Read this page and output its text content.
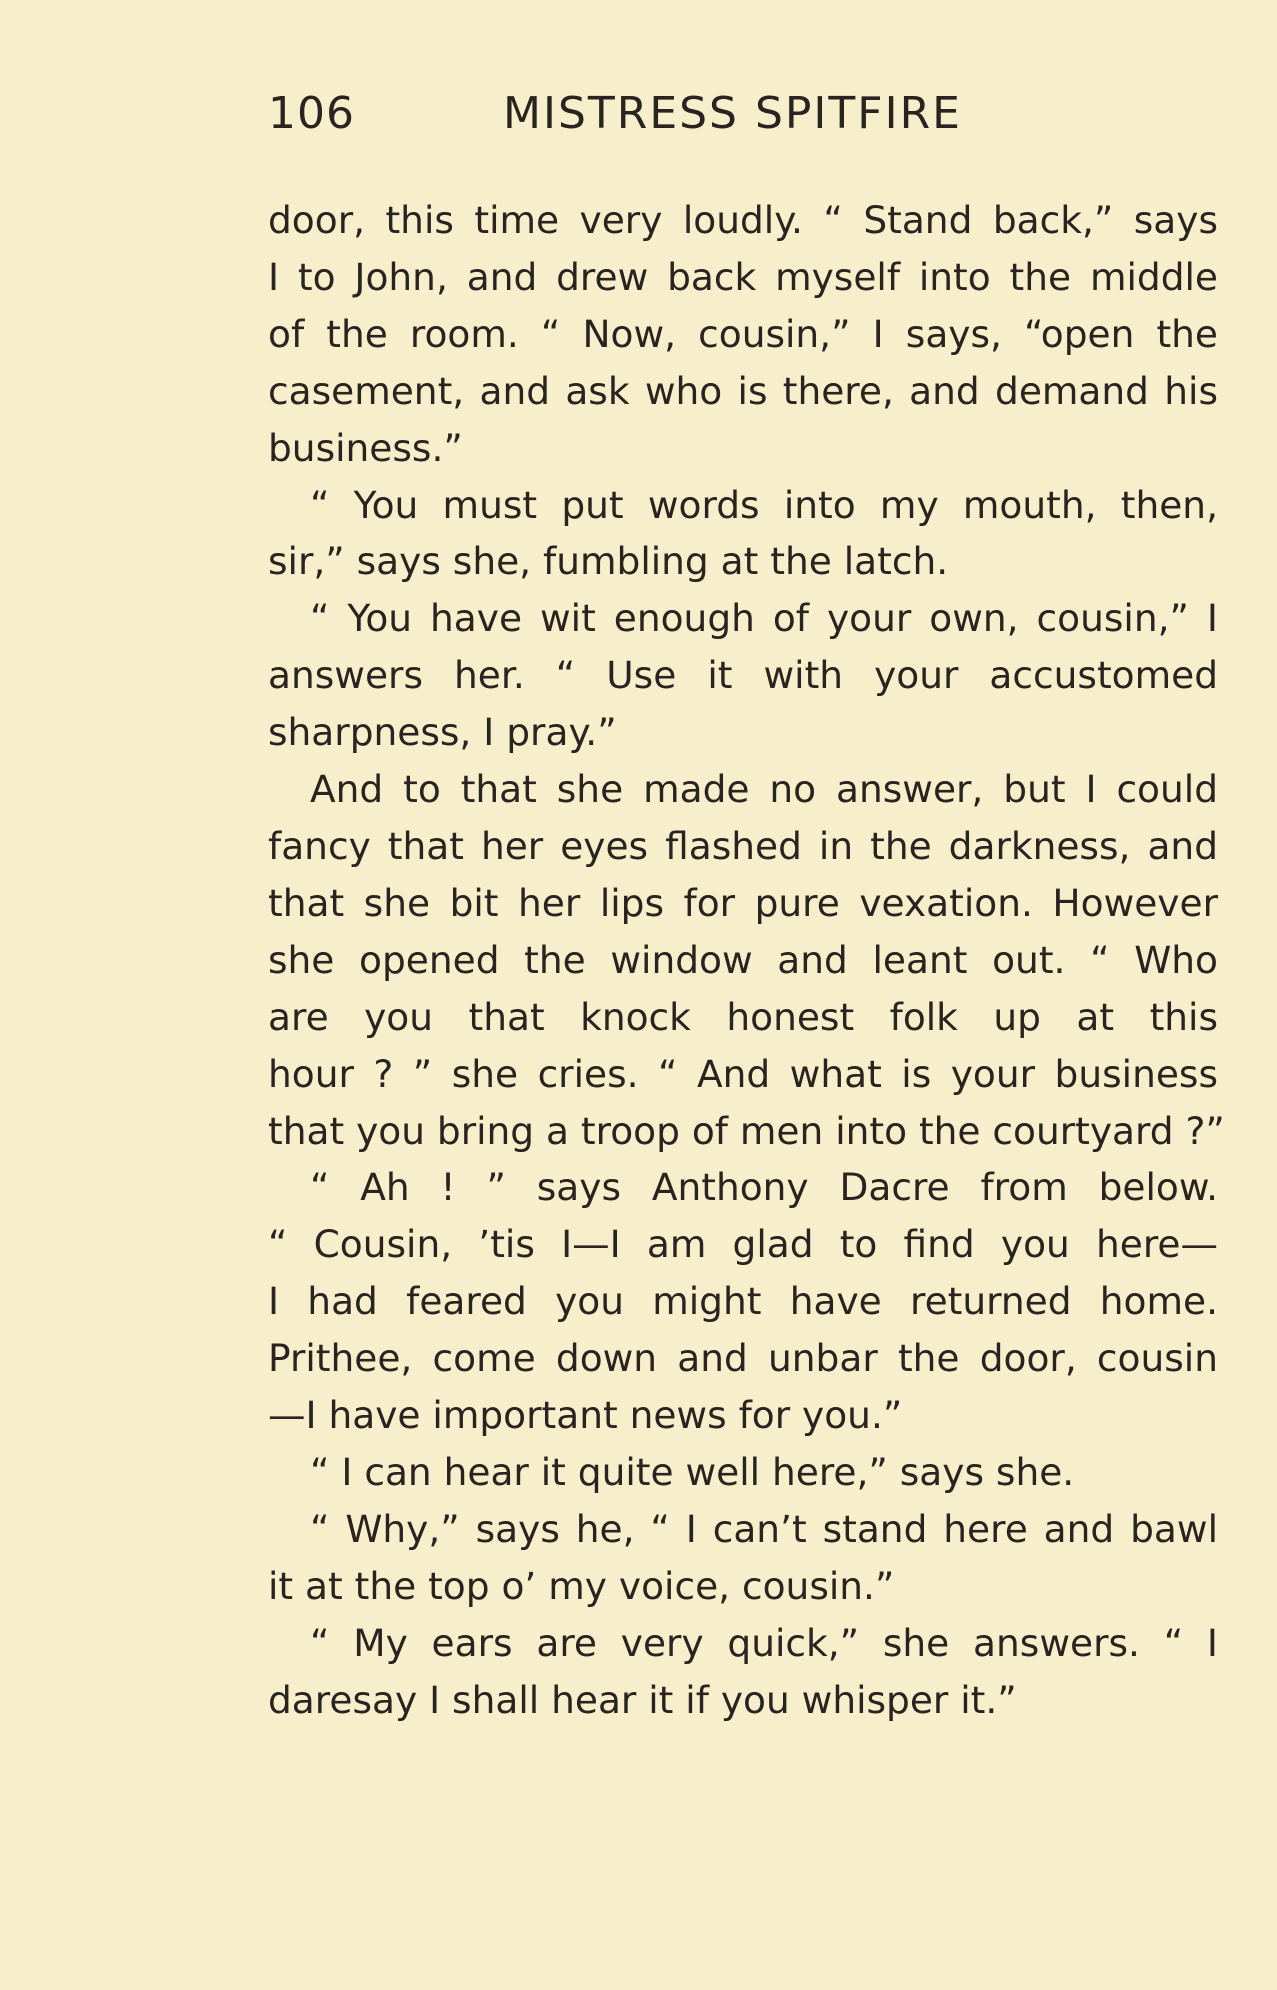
106	MISTRESS SPITFIRE
door, this time very loudly. “ Stand back,” says
I to John, and drew back myself into the middle
of the room. “ Now, cousin,” I says, “open the
casement, and ask who is there, and demand his
business.”
“ You must put words into my mouth, then,
sir,” says she, fumbling at the latch.
“ You have wit enough of your own, cousin,” I
answers her. “ Use it with your accustomed
sharpness, I pray.”
And to that she made no answer, but I could
fancy that her eyes flashed in the darkness, and
that she bit her lips for pure vexation. However
she opened the window and leant out. “ Who
are you that knock honest folk up at this
hour ? ” she cries. “ And what is your business
that you bring a troop of men into the courtyard ?”
“ Ah ! ” says Anthony Dacre from below.
“ Cousin, ’tis I—I am glad to find you here—
I had feared you might have returned home.
Prithee, come down and unbar the door, cousin
—I have important news for you.”
“ I can hear it quite well here,” says she.
“ Why,” says he, “ I can’t stand here and bawl
it at the top o’ my voice, cousin.”
“ My ears are very quick,” she answers. “ I
daresay I shall hear it if you whisper it.”
